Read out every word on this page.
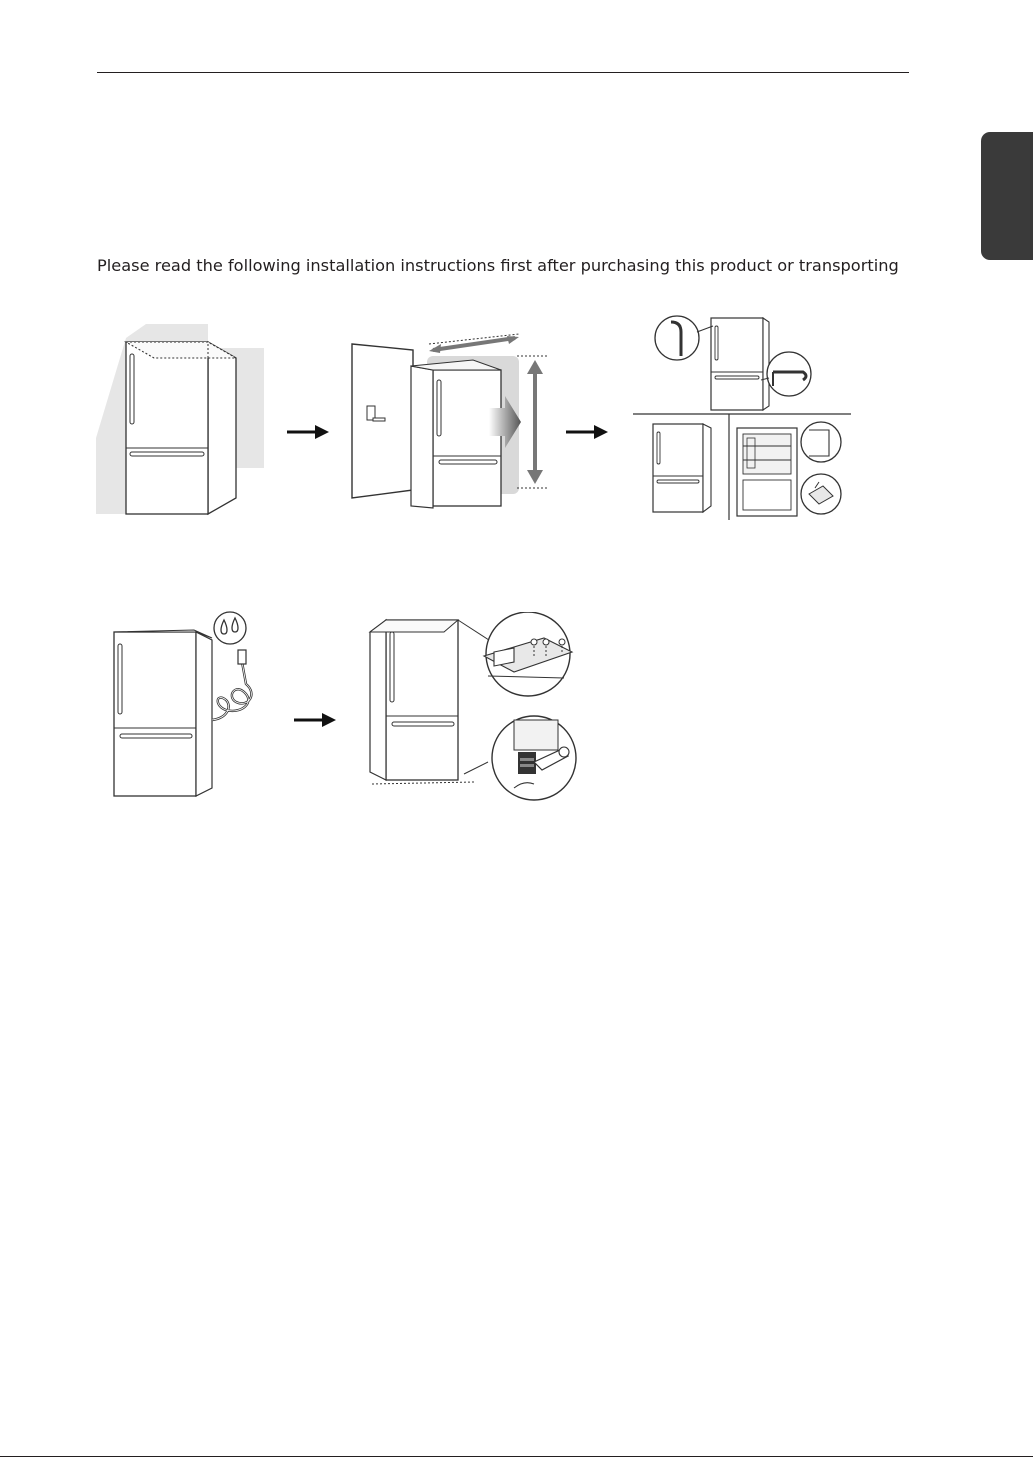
Please read the following installation instructions first after purchasing this product or transporting
